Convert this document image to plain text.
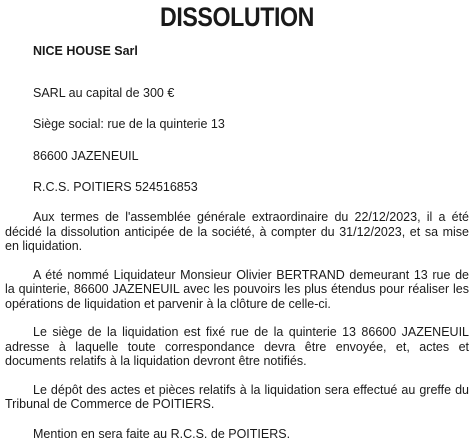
DISSOLUTION
NICE HOUSE Sarl
SARL au capital de 300 €
Siège social: rue de la quinterie 13
86600 JAZENEUIL
R.C.S. POITIERS 524516853

Aux termes de l'assemblée générale extraordinaire du 22/12/2023, il a été décidé la dissolution anticipée de la société, à compter du 31/12/2023, et sa mise en liquidation.

A été nommé Liquidateur Monsieur Olivier BERTRAND demeurant 13 rue de la quinterie, 86600 JAZENEUIL avec les pouvoirs les plus étendus pour réaliser les opérations de liquidation et parvenir à la clôture de celle-ci.

Le siège de la liquidation est fixé rue de la quinterie 13 86600 JAZENEUIL adresse à laquelle toute correspondance devra être envoyée, et, actes et documents relatifs à la liquidation devront être notifiés.

Le dépôt des actes et pièces relatifs à la liquidation sera effectué au greffe du Tribunal de Commerce de POITIERS.

Mention en sera faite au R.C.S. de POITIERS.
